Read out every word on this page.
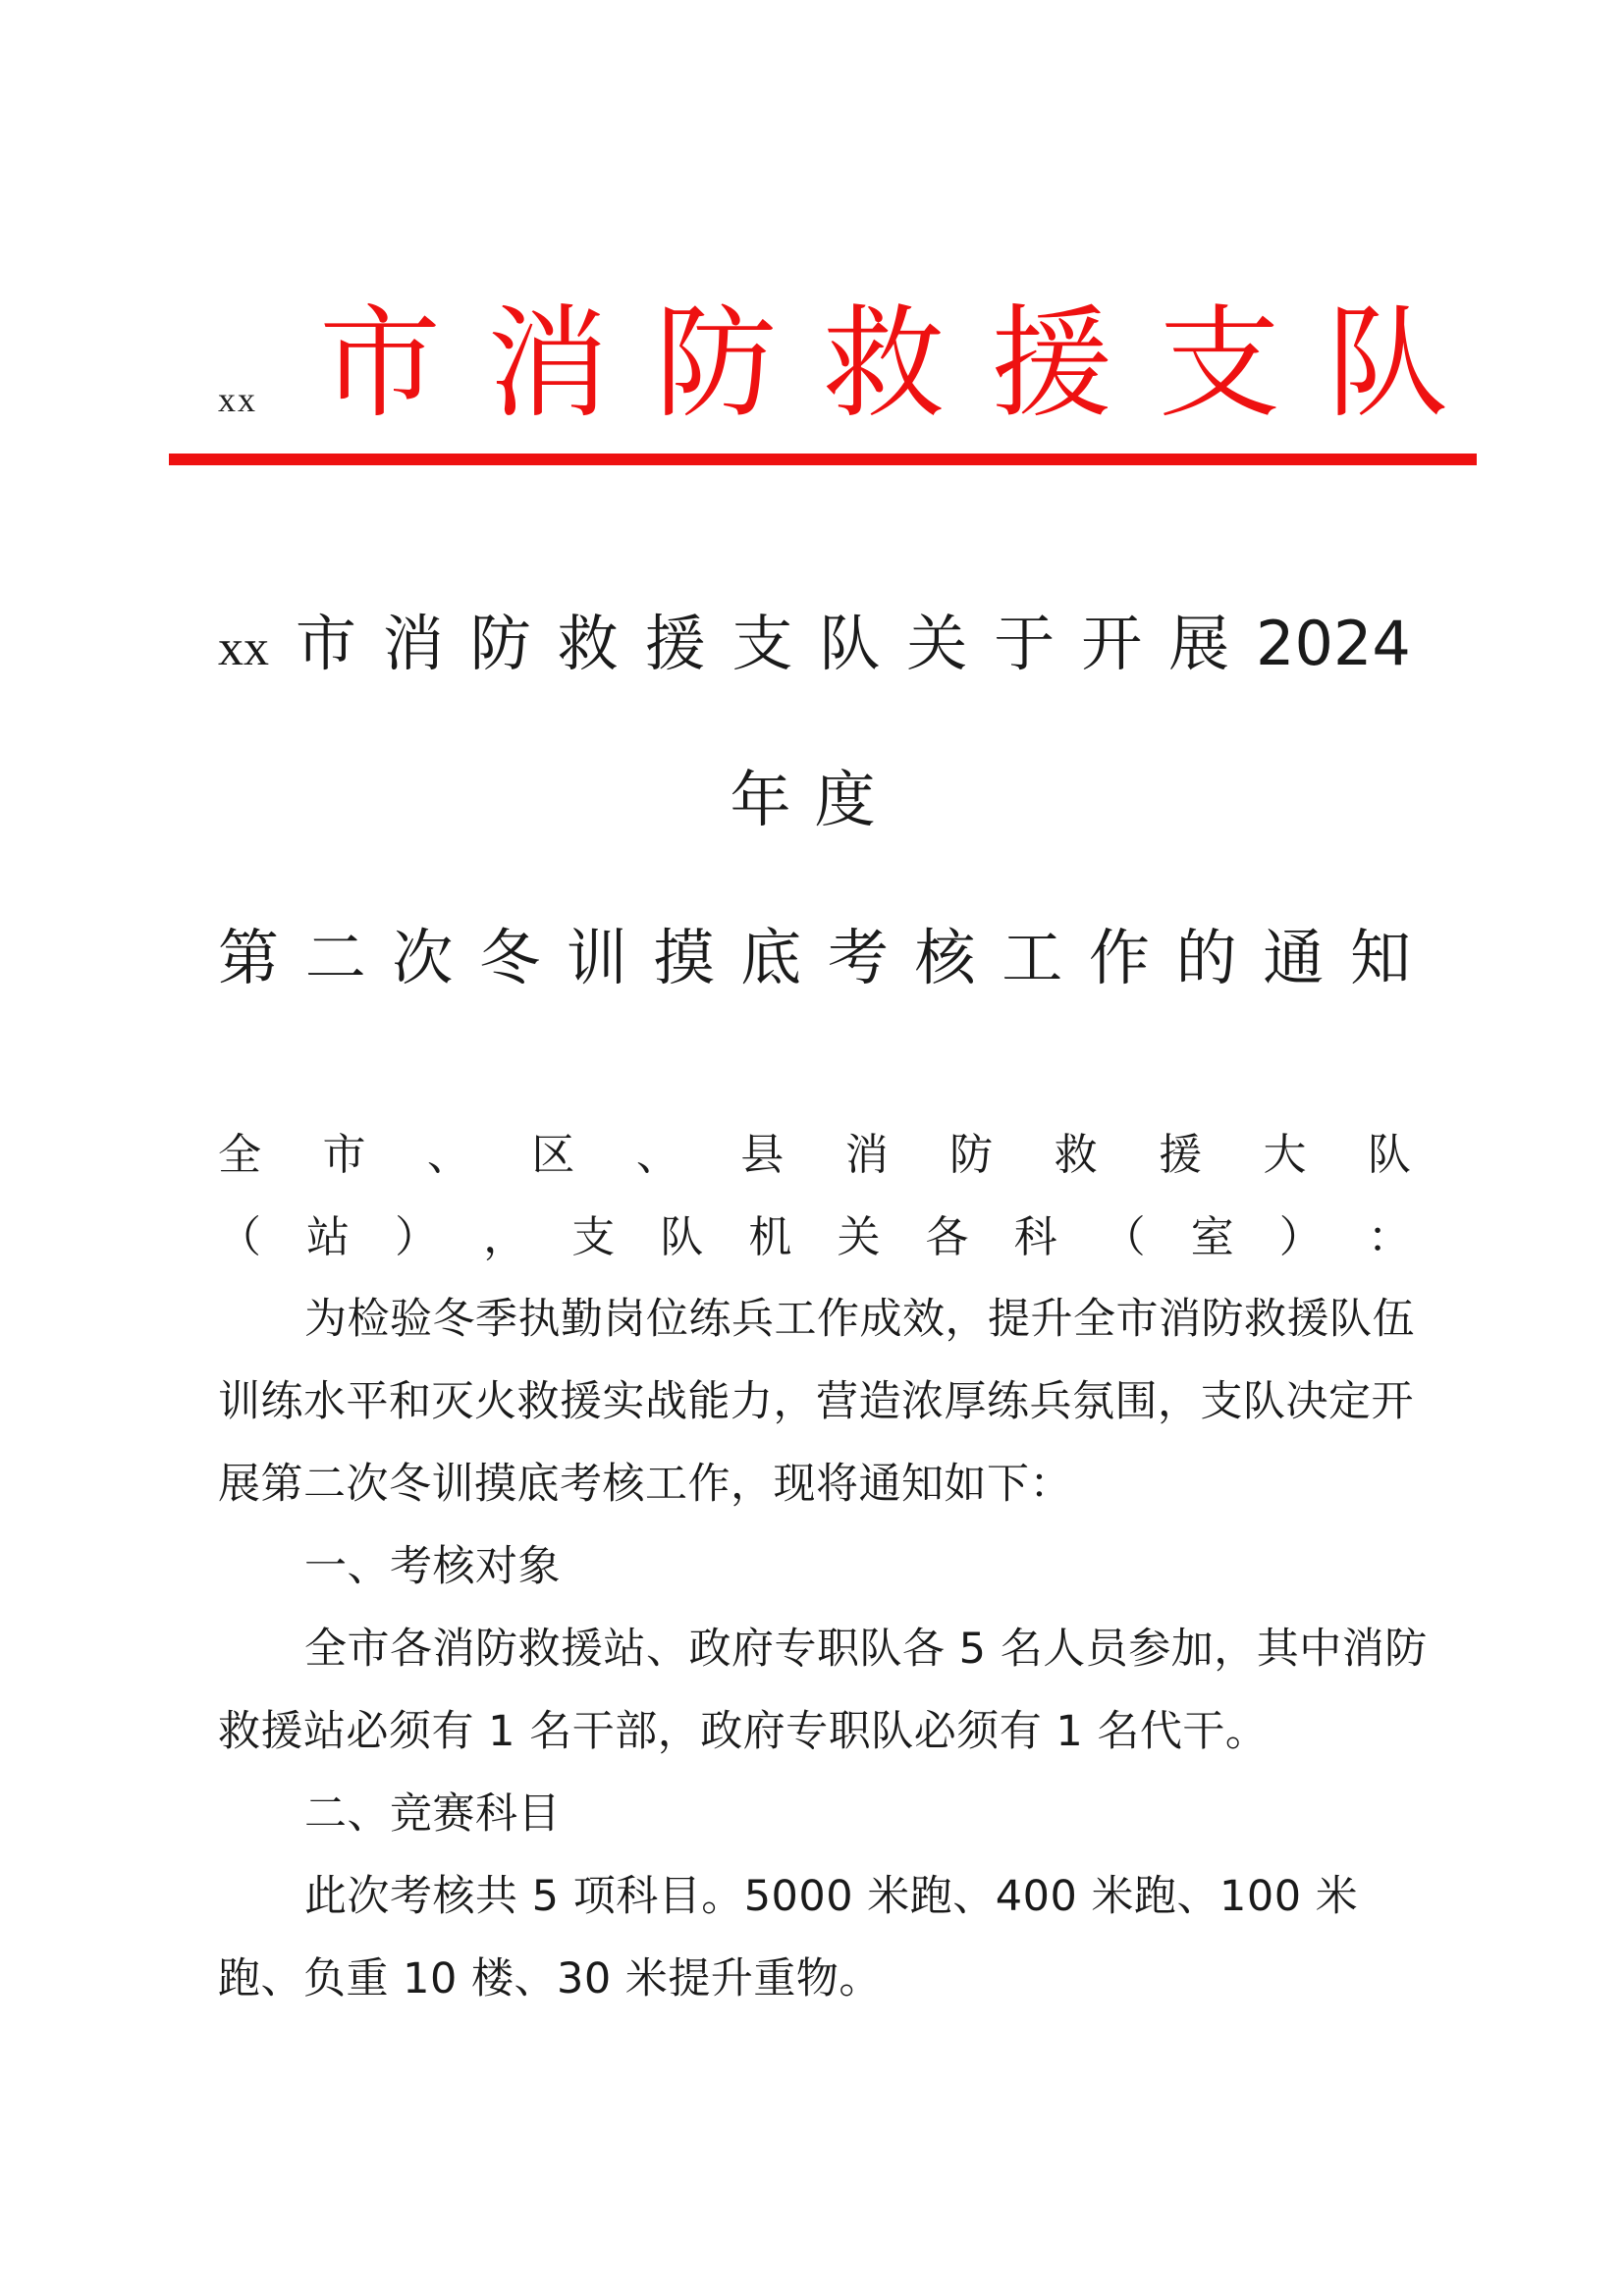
xx 市消防救援支队
xx 市 消 防 救 援 支 队 关 于 开 展 2024
年度
第 二 次 冬 训 摸 底 考 核 工 作 的 通 知
全 市 、 区 、 县 消 防 救 援 大 队
（ 站 ） ， 支 队 机 关 各 科 （ 室 ） ：

为检验冬季执勤岗位练兵工作成效，提升全市消防救援队伍训练水平和灭火救援实战能力，营造浓厚练兵氛围，支队决定开展第二次冬训摸底考核工作，现将通知如下：

一、考核对象

全市各消防救援站、政府专职队各 5 名人员参加，其中消防救援站必须有 1 名干部，政府专职队必须有 1 名代干。

二、竞赛科目

此次考核共 5 项科目。5000 米跑、400 米跑、100 米跑、负重 10 楼、30 米提升重物。
